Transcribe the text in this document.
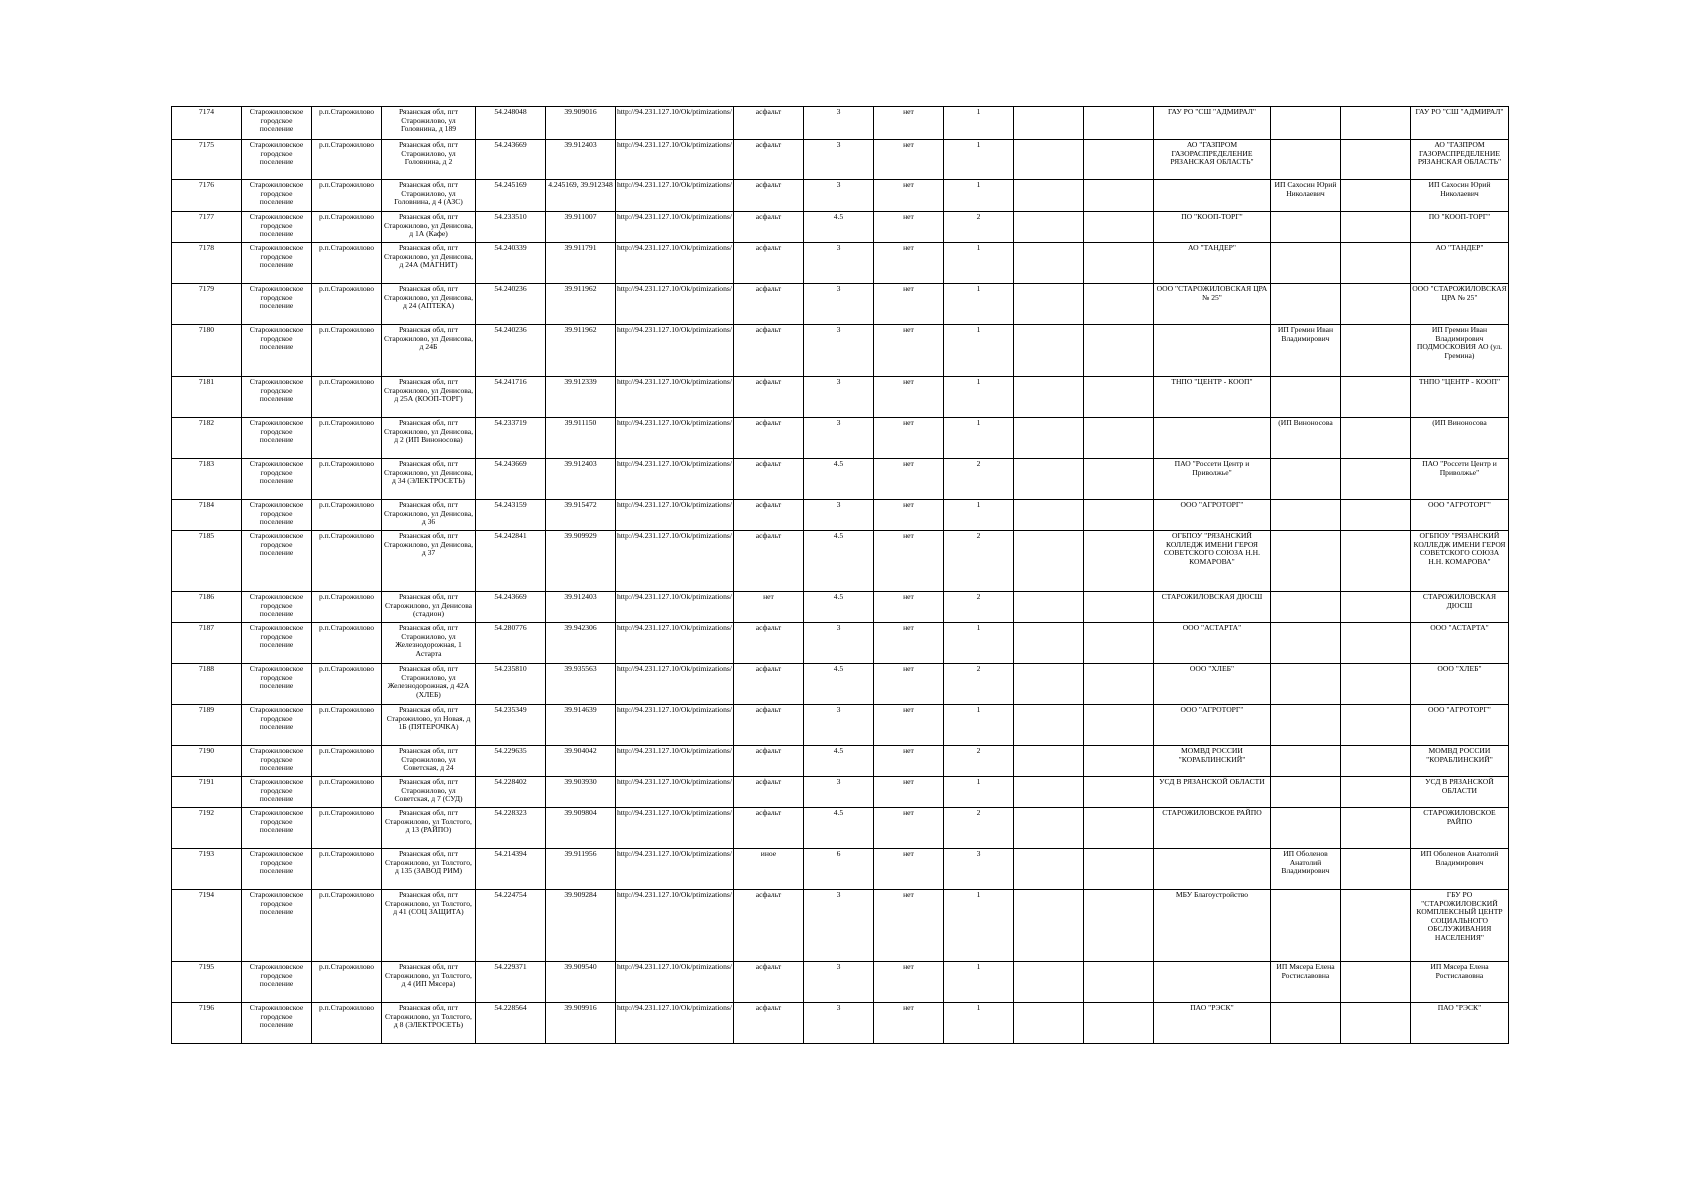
7174	Старожиловское городское поселение	р.п.Старожилово	Рязанская обл, пгт Старожилово, ул Головнина, д 189	54.248048	39.909016	http://94.231.127.10/Ok/ptimizations/	асфальт	3	нет	1			ГАУ РО "СШ "АДМИРАЛ"			ГАУ РО "СШ "АДМИРАЛ"
7175	Старожиловское городское поселение	р.п.Старожилово	Рязанская обл, пгт Старожилово, ул Головнина, д 2	54.243669	39.912403	http://94.231.127.10/Ok/ptimizations/	асфальт	3	нет	1			АО "ГАЗПРОМ ГАЗОРАСПРЕДЕЛЕНИЕ РЯЗАНСКАЯ ОБЛАСТЬ"			АО "ГАЗПРОМ ГАЗОРАСПРЕДЕЛЕНИЕ РЯЗАНСКАЯ ОБЛАСТЬ"
7176	Старожиловское городское поселение	р.п.Старожилово	Рязанская обл, пгт Старожилово, ул Головнина, д 4 (АЗС)	54.245169	4.245169, 39.912348	http://94.231.127.10/Ok/ptimizations/	асфальт	3	нет	1				ИП Сахосин Юрий Николаевич		ИП Сахосин Юрий Николаевич
7177	Старожиловское городское поселение	р.п.Старожилово	Рязанская обл, пгт Старожилово, ул Денисова, д 1А (Кафе)	54.233510	39.911007	http://94.231.127.10/Ok/ptimizations/	асфальт	4.5	нет	2			ПО "КООП-ТОРГ"			ПО "КООП-ТОРГ"
7178	Старожиловское городское поселение	р.п.Старожилово	Рязанская обл, пгт Старожилово, ул Денисова, д 24А (МАГНИТ)	54.240339	39.911791	http://94.231.127.10/Ok/ptimizations/	асфальт	3	нет	1			АО "ТАНДЕР"			АО "ТАНДЕР"
7179	Старожиловское городское поселение	р.п.Старожилово	Рязанская обл, пгт Старожилово, ул Денисова, д 24 (АПТЕКА)	54.240236	39.911962	http://94.231.127.10/Ok/ptimizations/	асфальт	3	нет	1			ООО "СТАРОЖИЛОВСКАЯ ЦРА № 25"			ООО "СТАРОЖИЛОВСКАЯ ЦРА № 25"
7180	Старожиловское городское поселение	р.п.Старожилово	Рязанская обл, пгт Старожилово, ул Денисова, д 24Б	54.240236	39.911962	http://94.231.127.10/Ok/ptimizations/	асфальт	3	нет	1				ИП Гремин Иван Владимирович		ИП Гремин Иван Владимирович ПОДМОСКОВИЯ АО (ул. Гремина)
7181	Старожиловское городское поселение	р.п.Старожилово	Рязанская обл, пгт Старожилово, ул Денисова, д 25А (КООП-ТОРГ)	54.241716	39.912339	http://94.231.127.10/Ok/ptimizations/	асфальт	3	нет	1			ТНПО "ЦЕНТР - КООП"			ТНПО "ЦЕНТР - КООП"
7182	Старожиловское городское поселение	р.п.Старожилово	Рязанская обл, пгт Старожилово, ул Денисова, д 2 (ИП Виноносова)	54.233719	39.911150	http://94.231.127.10/Ok/ptimizations/	асфальт	3	нет	1				(ИП Виноносова		(ИП Виноносова
7183	Старожиловское городское поселение	р.п.Старожилово	Рязанская обл, пгт Старожилово, ул Денисова, д 34 (ЭЛЕКТРОСЕТЬ)	54.243669	39.912403	http://94.231.127.10/Ok/ptimizations/	асфальт	4.5	нет	2			ПАО "Россети Центр и Приволжье"			ПАО "Россети Центр и Приволжье"
7184	Старожиловское городское поселение	р.п.Старожилово	Рязанская обл, пгт Старожилово, ул Денисова, д 36	54.243159	39.915472	http://94.231.127.10/Ok/ptimizations/	асфальт	3	нет	1			ООО "АГРОТОРГ"			ООО "АГРОТОРГ"
7185	Старожиловское городское поселение	р.п.Старожилово	Рязанская обл, пгт Старожилово, ул Денисова, д 37	54.242841	39.909929	http://94.231.127.10/Ok/ptimizations/	асфальт	4.5	нет	2			ОГБПОУ "РЯЗАНСКИЙ КОЛЛЕДЖ ИМЕНИ ГЕРОЯ СОВЕТСКОГО СОЮЗА Н.Н. КОМАРОВА"			ОГБПОУ "РЯЗАНСКИЙ КОЛЛЕДЖ ИМЕНИ ГЕРОЯ СОВЕТСКОГО СОЮЗА Н.Н. КОМАРОВА"
7186	Старожиловское городское поселение	р.п.Старожилово	Рязанская обл, пгт Старожилово, ул Денисова (стадион)	54.243669	39.912403	http://94.231.127.10/Ok/ptimizations/	нет	4.5	нет	2			СТАРОЖИЛОВСКАЯ ДЮСШ			СТАРОЖИЛОВСКАЯ ДЮСШ
7187	Старожиловское городское поселение	р.п.Старожилово	Рязанская обл, пгт Старожилово, ул Железнодорожная, 1 Астарта	54.280776	39.942306	http://94.231.127.10/Ok/ptimizations/	асфальт	3	нет	1			ООО "АСТАРТА"			ООО "АСТАРТА"
7188	Старожиловское городское поселение	р.п.Старожилово	Рязанская обл, пгт Старожилово, ул Железнодорожная, д 42А (ХЛЕБ)	54.235810	39.935563	http://94.231.127.10/Ok/ptimizations/	асфальт	4.5	нет	2			ООО "ХЛЕБ"			ООО "ХЛЕБ"
7189	Старожиловское городское поселение	р.п.Старожилово	Рязанская обл, пгт Старожилово, ул Новая, д 1Б (ПЯТЕРОЧКА)	54.235349	39.914639	http://94.231.127.10/Ok/ptimizations/	асфальт	3	нет	1			ООО "АГРОТОРГ"			ООО "АГРОТОРГ"
7190	Старожиловское городское поселение	р.п.Старожилово	Рязанская обл, пгт Старожилово, ул Советская, д 24	54.229635	39.904042	http://94.231.127.10/Ok/ptimizations/	асфальт	4.5	нет	2			МОМВД РОССИИ "КОРАБЛИНСКИЙ"			МОМВД РОССИИ "КОРАБЛИНСКИЙ"
7191	Старожиловское городское поселение	р.п.Старожилово	Рязанская обл, пгт Старожилово, ул Советская, д 7 (СУД)	54.228402	39.903930	http://94.231.127.10/Ok/ptimizations/	асфальт	3	нет	1			УСД В РЯЗАНСКОЙ ОБЛАСТИ			УСД В РЯЗАНСКОЙ ОБЛАСТИ
7192	Старожиловское городское поселение	р.п.Старожилово	Рязанская обл, пгт Старожилово, ул Толстого, д 13 (РАЙПО)	54.228323	39.909804	http://94.231.127.10/Ok/ptimizations/	асфальт	4.5	нет	2			СТАРОЖИЛОВСКОЕ РАЙПО			СТАРОЖИЛОВСКОЕ РАЙПО
7193	Старожиловское городское поселение	р.п.Старожилово	Рязанская обл, пгт Старожилово, ул Толстого, д 135 (ЗАВОД РИМ)	54.214394	39.911956	http://94.231.127.10/Ok/ptimizations/	иное	6	нет	3				ИП Оболенов Анатолий Владимирович		ИП Оболенов Анатолий Владимирович
7194	Старожиловское городское поселение	р.п.Старожилово	Рязанская обл, пгт Старожилово, ул Толстого, д 41 (СОЦ ЗАЩИТА)	54.224754	39.909284	http://94.231.127.10/Ok/ptimizations/	асфальт	3	нет	1			МБУ Благоустройство			ГБУ РО "СТАРОЖИЛОВСКИЙ КОМПЛЕКСНЫЙ ЦЕНТР СОЦИАЛЬНОГО ОБСЛУЖИВАНИЯ НАСЕЛЕНИЯ"
7195	Старожиловское городское поселение	р.п.Старожилово	Рязанская обл, пгт Старожилово, ул Толстого, д 4 (ИП Мясера)	54.229371	39.909540	http://94.231.127.10/Ok/ptimizations/	асфальт	3	нет	1				ИП Мясера Елена Ростиславовна		ИП Мясера Елена Ростиславовна
7196	Старожиловское городское поселение	р.п.Старожилово	Рязанская обл, пгт Старожилово, ул Толстого, д 8 (ЭЛЕКТРОСЕТЬ)	54.228564	39.909916	http://94.231.127.10/Ok/ptimizations/	асфальт	3	нет	1			ПАО "РЭСК"			ПАО "РЭСК"
